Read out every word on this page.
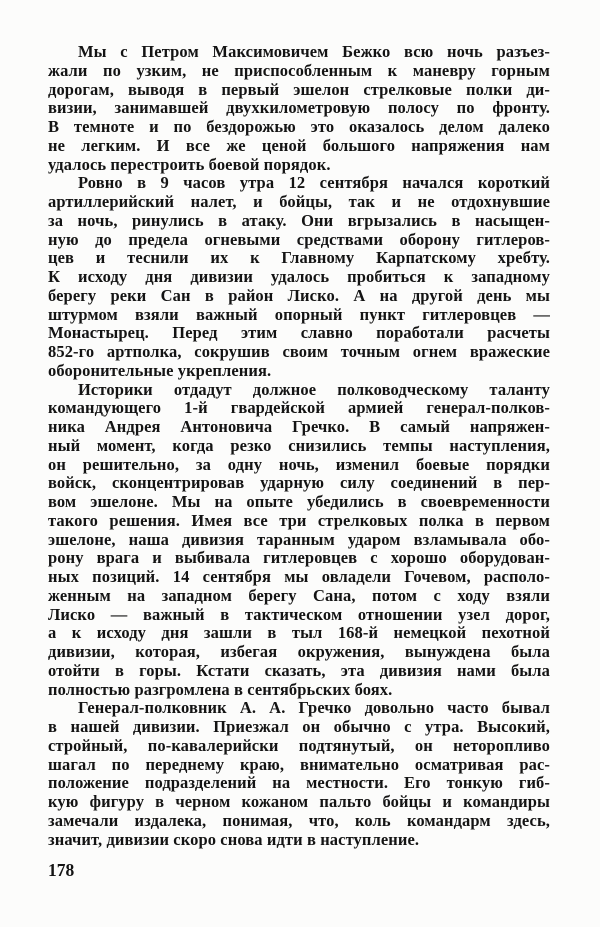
Мы с Петром Максимовичем Бежко всю ночь разъез-
жали по узким, не приспособленным к маневру горным
дорогам, выводя в первый эшелон стрелковые полки ди-
визии, занимавшей двухкилометровую полосу по фронту.
В темноте и по бездорожью это оказалось делом далеко
не легким. И все же ценой большого напряжения нам
удалось перестроить боевой порядок.

Ровно в 9 часов утра 12 сентября начался короткий
артиллерийский налет, и бойцы, так и не отдохнувшие
за ночь, ринулись в атаку. Они вгрызались в насыщен-
ную до предела огневыми средствами оборону гитлеров-
цев и теснили их к Главному Карпатскому хребту.
К исходу дня дивизии удалось пробиться к западному
берегу реки Сан в район Лиско. А на другой день мы
штурмом взяли важный опорный пункт гитлеровцев —
Монастырец. Перед этим славно поработали расчеты
852-го артполка, сокрушив своим точным огнем вражеские
оборонительные укрепления.

Историки отдадут должное полководческому таланту
командующего 1-й гвардейской армией генерал-полков-
ника Андрея Антоновича Гречко. В самый напряжен-
ный момент, когда резко снизились темпы наступления,
он решительно, за одну ночь, изменил боевые порядки
войск, сконцентрировав ударную силу соединений в пер-
вом эшелоне. Мы на опыте убедились в своевременности
такого решения. Имея все три стрелковых полка в первом
эшелоне, наша дивизия таранным ударом взламывала обо-
рону врага и выбивала гитлеровцев с хорошо оборудован-
ных позиций. 14 сентября мы овладели Гочевом, располо-
женным на западном берегу Сана, потом с ходу взяли
Лиско — важный в тактическом отношении узел дорог,
а к исходу дня зашли в тыл 168-й немецкой пехотной
дивизии, которая, избегая окружения, вынуждена была
отойти в горы. Кстати сказать, эта дивизия нами была
полностью разгромлена в сентябрьских боях.

Генерал-полковник А. А. Гречко довольно часто бывал
в нашей дивизии. Приезжал он обычно с утра. Высокий,
стройный, по-кавалерийски подтянутый, он неторопливо
шагал по переднему краю, внимательно осматривая рас-
положение подразделений на местности. Его тонкую гиб-
кую фигуру в черном кожаном пальто бойцы и командиры
замечали издалека, понимая, что, коль командарм здесь,
значит, дивизии скоро снова идти в наступление.

178
